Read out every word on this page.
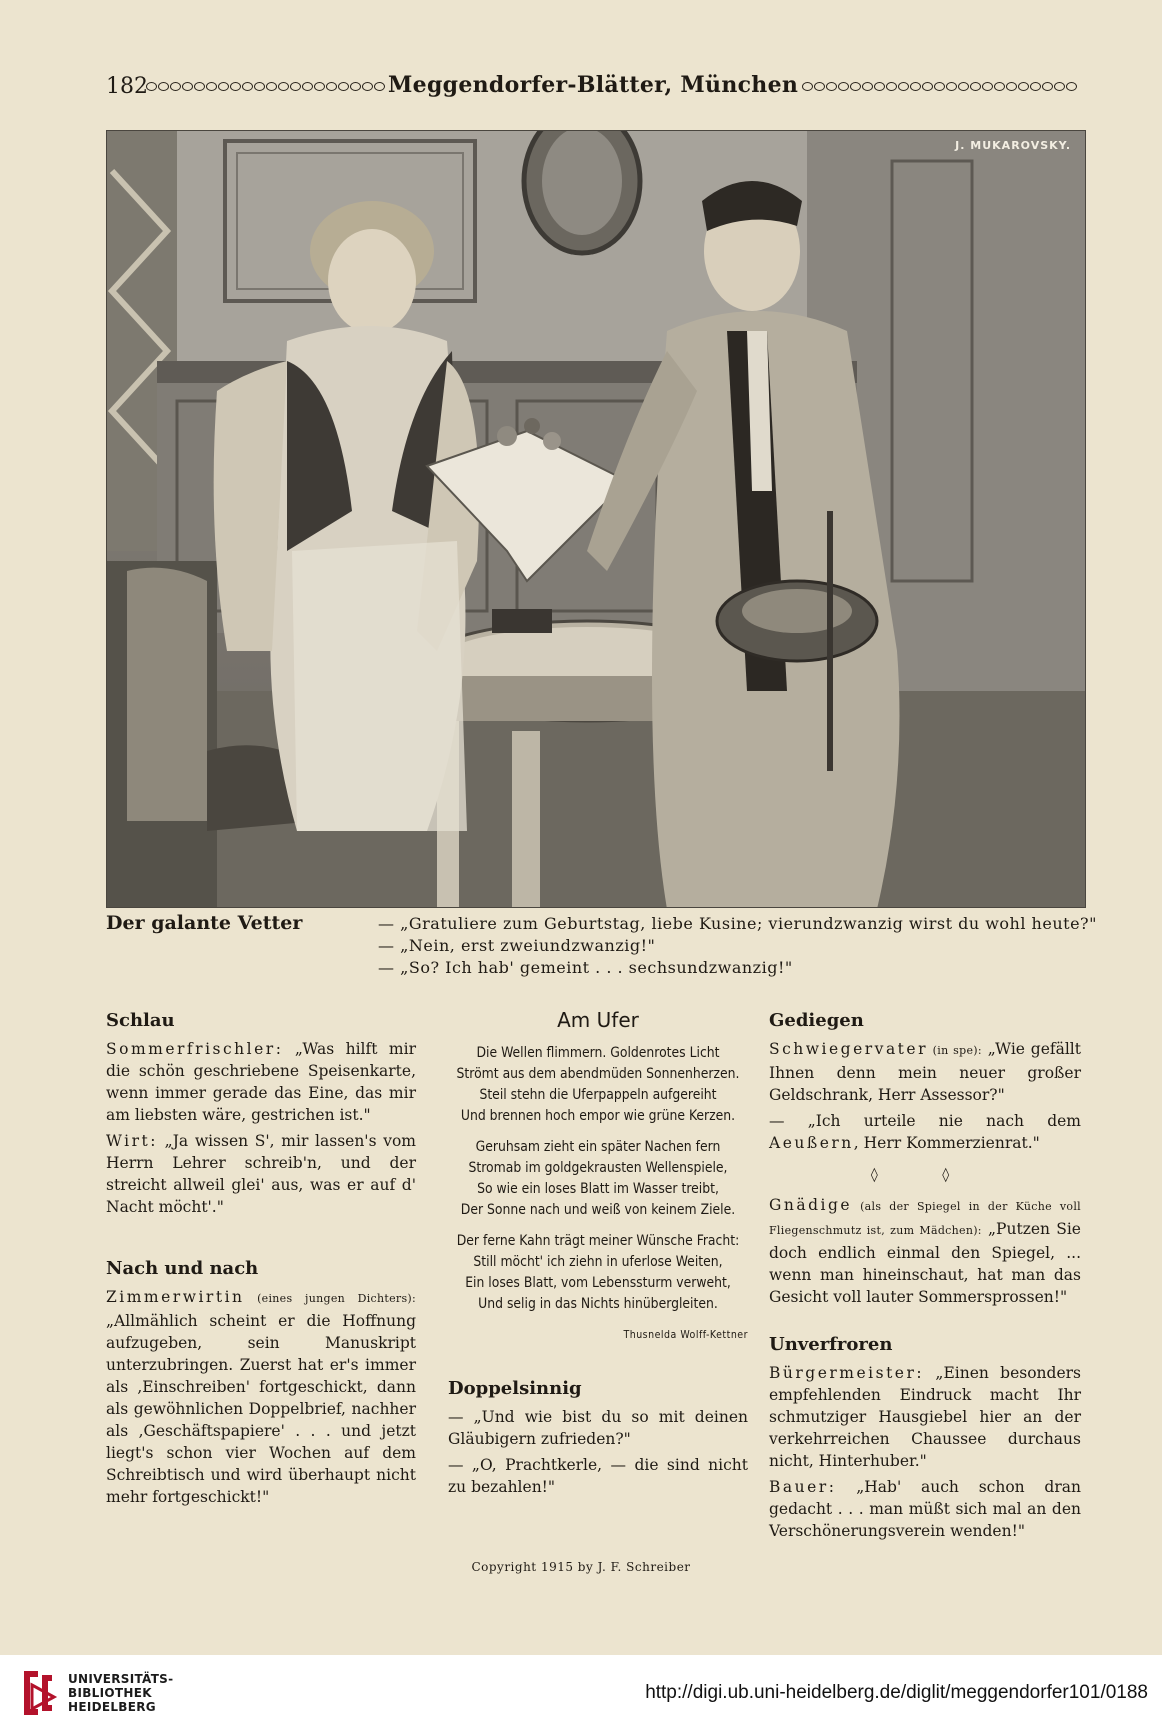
182	Meggendorfer-Blätter, München
J. MUKAROVSKY.
Der galante Vetter	— „Gratuliere zum Geburtstag, liebe Kusine; vierundzwanzig wirst du wohl heute?"
— „Nein, erst zweiundzwanzig!"
— „So? Ich hab' gemeint . . . sechsundzwanzig!"
Schlau

Sommerfrischler: „Was hilft mir die schön geschriebene Speisenkarte, wenn immer gerade das Eine, das mir am liebsten wäre, gestrichen ist."

Wirt: „Ja wissen S', mir lassen's vom Herrn Lehrer schreib'n, und der streicht allweil glei' aus, was er auf d' Nacht möcht'."

Nach und nach

Zimmerwirtin (eines jungen Dichters): „Allmählich scheint er die Hoffnung aufzugeben, sein Manuskript unterzubringen. Zuerst hat er's immer als ‚Einschreiben' fortgeschickt, dann als gewöhnlichen Doppelbrief, nachher als ‚Geschäftspapiere' . . . und jetzt liegt's schon vier Wochen auf dem Schreibtisch und wird überhaupt nicht mehr fortgeschickt!"

Am Ufer
Die Wellen flimmern. Goldenrotes Licht
Strömt aus dem abendmüden Sonnenherzen.
Steil stehn die Uferpappeln aufgereiht
Und brennen hoch empor wie grüne Kerzen.
Geruhsam zieht ein später Nachen fern
Stromab im goldgekrausten Wellenspiele,
So wie ein loses Blatt im Wasser treibt,
Der Sonne nach und weiß von keinem Ziele.
Der ferne Kahn trägt meiner Wünsche Fracht:
Still möcht' ich ziehn in uferlose Weiten,
Ein loses Blatt, vom Lebenssturm verweht,
Und selig in das Nichts hinübergleiten.
Thusnelda Wolff-Kettner
Doppelsinnig

— „Und wie bist du so mit deinen Gläubigern zufrieden?"

— „O, Prachtkerle, — die sind nicht zu bezahlen!"

Gediegen

Schwiegervater (in spe): „Wie gefällt Ihnen denn mein neuer großer Geldschrank, Herr Assessor?"

— „Ich urteile nie nach dem Aeußern, Herr Kommerzienrat."

◊ ◊

Gnädige (als der Spiegel in der Küche voll Fliegenschmutz ist, zum Mädchen): „Putzen Sie doch endlich einmal den Spiegel, ... wenn man hineinschaut, hat man das Gesicht voll lauter Sommersprossen!"

Unverfroren

Bürgermeister: „Einen besonders empfehlenden Eindruck macht Ihr schmutziger Hausgiebel hier an der verkehrreichen Chaussee durchaus nicht, Hinterhuber."

Bauer: „Hab' auch schon dran gedacht . . . man müßt sich mal an den Verschönerungsverein wenden!"

Copyright 1915 by J. F. Schreiber
UNIVERSITÄTS-
BIBLIOTHEK
HEIDELBERG
http://digi.ub.uni-heidelberg.de/diglit/meggendorfer101/0188
